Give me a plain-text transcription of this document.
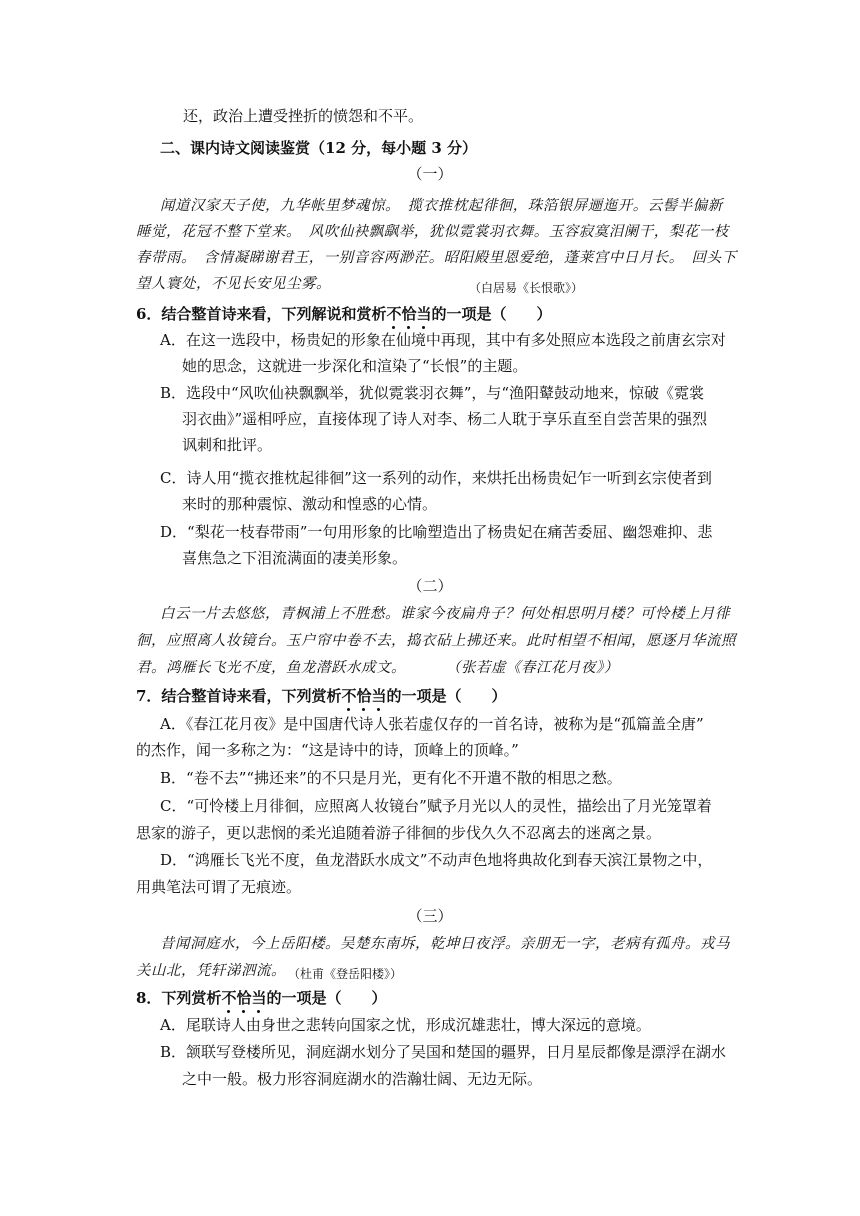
还，政治上遭受挫折的愤怨和不平。
二、课内诗文阅读鉴赏（12 分，每小题 3 分）
（一）
闻道汉家天子使，九华帐里梦魂惊。　揽衣推枕起徘徊，珠箔银屏逦迤开。云髻半偏新
睡觉，花冠不整下堂来。　风吹仙袂飘飖举，犹似霓裳羽衣舞。玉容寂寞泪阑干，梨花一枝
春带雨。　含情凝睇谢君王，一别音容两渺茫。昭阳殿里恩爱绝，蓬莱宫中日月长。　回头下
望人寰处，不见长安见尘雾。	（白居易《长恨歌》）
6．结合整首诗来看，下列解说和赏析不恰当的一项是（　　）
A．在这一选段中，杨贵妃的形象在仙境中再现，其中有多处照应本选段之前唐玄宗对
她的思念，这就进一步深化和渲染了“长恨”的主题。
B．选段中“风吹仙袂飘飘举，犹似霓裳羽衣舞”，与“渔阳鼙鼓动地来，惊破《霓裳
羽衣曲》”遥相呼应，直接体现了诗人对李、杨二人耽于享乐直至自尝苦果的强烈
讽刺和批评。
C．诗人用“揽衣推枕起徘徊”这一系列的动作，来烘托出杨贵妃乍一听到玄宗使者到
来时的那种震惊、激动和惶惑的心情。
D．“梨花一枝春带雨”一句用形象的比喻塑造出了杨贵妃在痛苦委屈、幽怨难抑、悲
喜焦急之下泪流满面的凄美形象。
（二）
白云一片去悠悠，青枫浦上不胜愁。谁家今夜扁舟子？何处相思明月楼？可怜楼上月徘
徊，应照离人妆镜台。玉户帘中卷不去，捣衣砧上拂还来。此时相望不相闻，愿逐月华流照
君。鸿雁长飞光不度，鱼龙潜跃水成文。	（张若虚《春江花月夜》）
7．结合整首诗来看，下列赏析不恰当的一项是（　　）
A．《春江花月夜》是中国唐代诗人张若虚仅存的一首名诗，被称为是“孤篇盖全唐”
的杰作，闻一多称之为：“这是诗中的诗，顶峰上的顶峰。”
B．“卷不去”“拂还来”的不只是月光，更有化不开遣不散的相思之愁。
C．“可怜楼上月徘徊，应照离人妆镜台”赋予月光以人的灵性，描绘出了月光笼罩着
思家的游子，更以悲悯的柔光追随着游子徘徊的步伐久久不忍离去的迷离之景。
D．“鸿雁长飞光不度，鱼龙潜跃水成文”不动声色地将典故化到春天滨江景物之中，
用典笔法可谓了无痕迹。
（三）
昔闻洞庭水，今上岳阳楼。吴楚东南坼，乾坤日夜浮。亲朋无一字，老病有孤舟。戎马
关山北，凭轩涕泗流。 （杜甫《登岳阳楼》）
8．下列赏析不恰当的一项是（　　）
A．尾联诗人由身世之悲转向国家之忧，形成沉雄悲壮，博大深远的意境。
B．颔联写登楼所见，洞庭湖水划分了吴国和楚国的疆界，日月星辰都像是漂浮在湖水
之中一般。极力形容洞庭湖水的浩瀚壮阔、无边无际。
